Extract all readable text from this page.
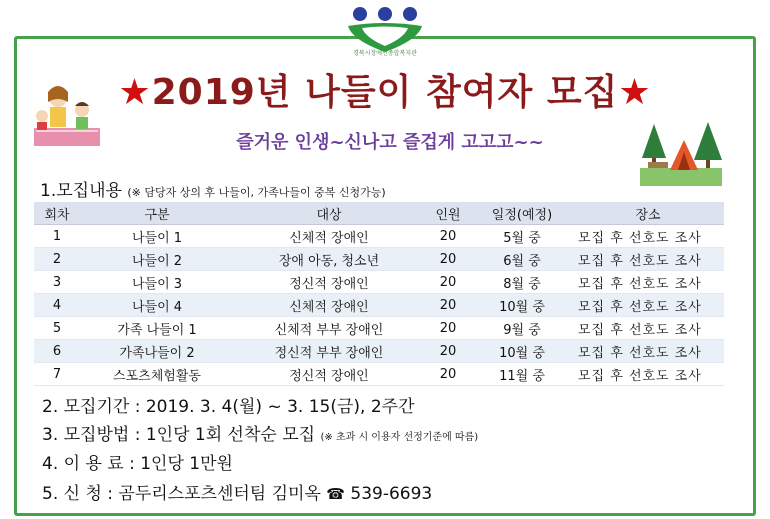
경북시장애인종합복지관
★2019년 나들이 참여자 모집★
즐거운 인생~신나고 즐겁게 고고고~~
1.모집내용 (※ 담당자 상의 후 나들이, 가족나들이 중복 신청가능)
회차	구분	대상	인원	일정(예정)	장소
1	나들이 1	신체적 장애인	20	5월 중	모집 후 선호도 조사
2	나들이 2	장애 아동, 청소년	20	6월 중	모집 후 선호도 조사
3	나들이 3	정신적 장애인	20	8월 중	모집 후 선호도 조사
4	나들이 4	신체적 장애인	20	10월 중	모집 후 선호도 조사
5	가족 나들이 1	신체적 부부 장애인	20	9월 중	모집 후 선호도 조사
6	가족나들이 2	정신적 부부 장애인	20	10월 중	모집 후 선호도 조사
7	스포츠체험활동	정신적 장애인	20	11월 중	모집 후 선호도 조사
2. 모집기간 : 2019. 3. 4(월) ~ 3. 15(금), 2주간
3. 모집방법 : 1인당 1회 선착순 모집 (※ 초과 시 이용자 선정기준에 따름)
4. 이 용 료 : 1인당 1만원
5. 신 청 : 곰두리스포츠센터팀 김미옥 ☎ 539-6693
